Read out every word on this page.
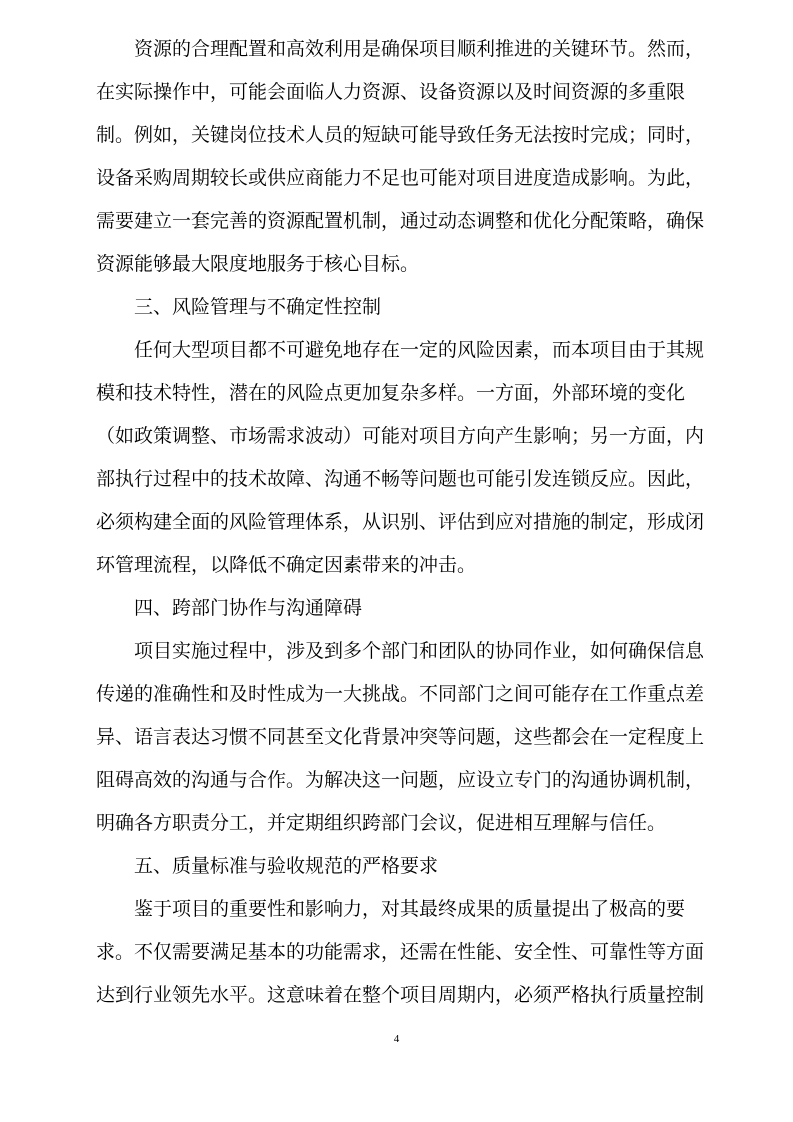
资源的合理配置和高效利用是确保项目顺利推进的关键环节。然而，
在实际操作中，可能会面临人力资源、设备资源以及时间资源的多重限
制。例如，关键岗位技术人员的短缺可能导致任务无法按时完成；同时，
设备采购周期较长或供应商能力不足也可能对项目进度造成影响。为此，
需要建立一套完善的资源配置机制，通过动态调整和优化分配策略，确保
资源能够最大限度地服务于核心目标。
三、风险管理与不确定性控制
任何大型项目都不可避免地存在一定的风险因素，而本项目由于其规
模和技术特性，潜在的风险点更加复杂多样。一方面，外部环境的变化
（如政策调整、市场需求波动）可能对项目方向产生影响；另一方面，内
部执行过程中的技术故障、沟通不畅等问题也可能引发连锁反应。因此，
必须构建全面的风险管理体系，从识别、评估到应对措施的制定，形成闭
环管理流程，以降低不确定因素带来的冲击。
四、跨部门协作与沟通障碍
项目实施过程中，涉及到多个部门和团队的协同作业，如何确保信息
传递的准确性和及时性成为一大挑战。不同部门之间可能存在工作重点差
异、语言表达习惯不同甚至文化背景冲突等问题，这些都会在一定程度上
阻碍高效的沟通与合作。为解决这一问题，应设立专门的沟通协调机制，
明确各方职责分工，并定期组织跨部门会议，促进相互理解与信任。
五、质量标准与验收规范的严格要求
鉴于项目的重要性和影响力，对其最终成果的质量提出了极高的要
求。不仅需要满足基本的功能需求，还需在性能、安全性、可靠性等方面
达到行业领先水平。这意味着在整个项目周期内，必须严格执行质量控制
4
